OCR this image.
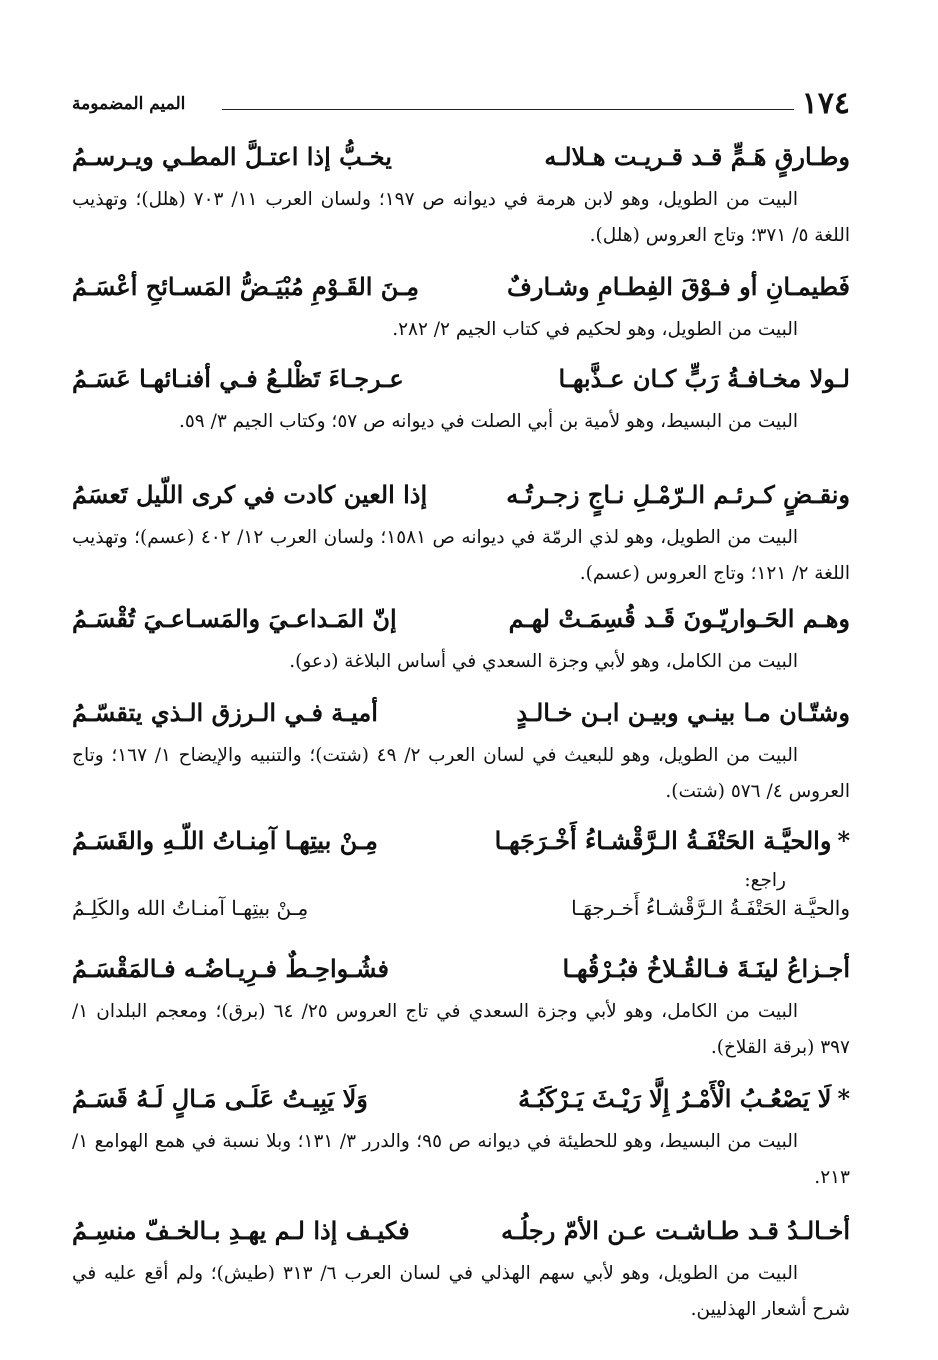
١٧٤
الميم المضمومة
وطـارقٍ هَـمٍّ قـد قـريـت هـلالـه
يخـبُّ إذا اعتـلَّ المطـي ويـرسـمُ
البيت من الطويل، وهو لابن هرمة في ديوانه ص ١٩٧؛ ولسان العرب ١١/ ٧٠٣ (هلل)؛ وتهذيب اللغة ٥/ ٣٧١؛ وتاج العروس (هلل).
فَطيمـانِ أو فـوْقَ الفِطـامِ وشـارفٌ
مِـنَ القَـوْمِ مُبْيَـضُّ المَسـائحِ أعْسَـمُ
البيت من الطويل، وهو لحكيم في كتاب الجيم ٢/ ٢٨٢.
لـولا مخـافـةُ رَبٍّ كـان عـذَّبهـا
عـرجـاءَ تَظْلـعُ فـي أفنـائهـا عَسَـمُ
البيت من البسيط، وهو لأمية بن أبي الصلت في ديوانه ص ٥٧؛ وكتاب الجيم ٣/ ٥٩.
ونقـضٍ كـرئـم الـرّمْـلِ نـاجٍ زجـرتُـه
إذا العين كادت في كرى اللّيل تَعسَمُ
البيت من الطويل، وهو لذي الرمّة في ديوانه ص ١٥٨١؛ ولسان العرب ١٢/ ٤٠٢ (عسم)؛ وتهذيب اللغة ٢/ ١٢١؛ وتاج العروس (عسم).
وهـم الحَـواريّـونَ قَـد قُسِمَـتْ لهـم
إنّ المَـداعـيَ والمَسـاعـيَ تُقْسَـمُ
البيت من الكامل، وهو لأبي وجزة السعدي في أساس البلاغة (دعو).
وشتّـان مـا بينـي وبيـن ابـن خـالـدٍ
أميـة فـي الـرزق الـذي يتقسّـمُ
البيت من الطويل، وهو للبعيث في لسان العرب ٢/ ٤٩ (شتت)؛ والتنبيه والإيضاح ١/ ١٦٧؛ وتاج العروس ٤/ ٥٧٦ (شتت).
*والحيَّـة الحَتْفَـةُ الـرَّقْشـاءُ أَخْـرَجَهـا
مِـنْ بيتِهـا آمِنـاتُ اللّـهِ والقَسَـمُ
راجع:
والحيَّـة الحَتْفَـةُ الـرَّقْشـاءُ أَخـرجهَـا
مِـنْ بيتِهـا آمنـاتُ الله والكَلِـمُ
أجـزاعُ لينَـةَ فـالقُـلاخُ فبُـرْقُهـا
فشُـواحِـطٌ فـرِيـاضُـه فـالمَقْسَـمُ
البيت من الكامل، وهو لأبي وجزة السعدي في تاج العروس ٢٥/ ٦٤ (برق)؛ ومعجم البلدان ١/ ٣٩٧ (برقة القلاخ).
*لَا يَصْعُـبُ الْأَمْـرُ إِلَّا رَيْـثَ يَـرْكَبُـهُ
وَلَا يَبِيـتُ عَلَـى مَـالٍ لَـهُ قَسَـمُ
البيت من البسيط، وهو للحطيئة في ديوانه ص ٩٥؛ والدرر ٣/ ١٣١؛ وبلا نسبة في همع الهوامع ١/ ٢١٣.
أخـالـدُ قـد طـاشـت عـن الأمّ رجلُـه
فكيـف إذا لـم يهـدِ بـالخـفّ منسِـمُ
البيت من الطويل، وهو لأبي سهم الهذلي في لسان العرب ٦/ ٣١٣ (طيش)؛ ولم أقع عليه في شرح أشعار الهذليين.
